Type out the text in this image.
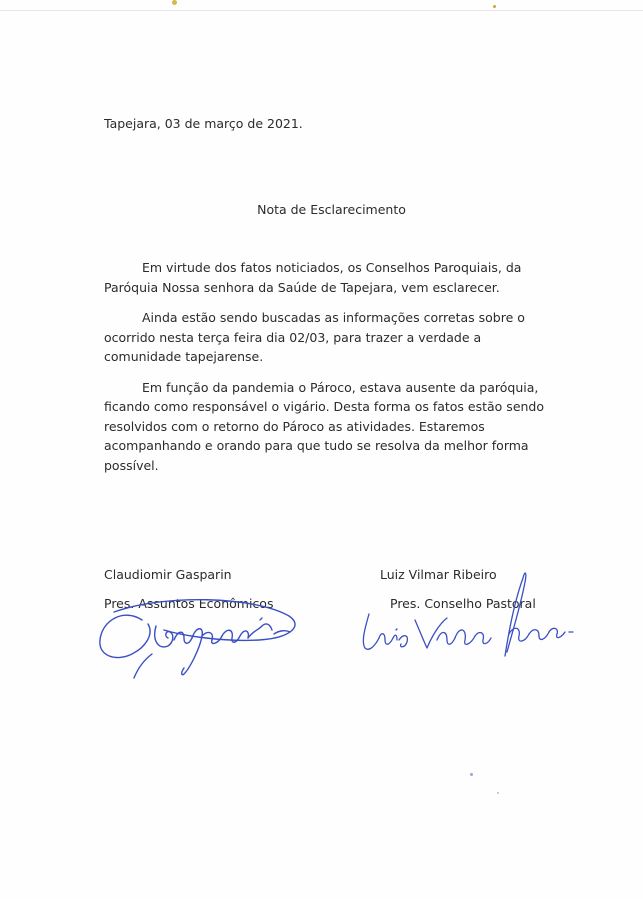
Tapejara, 03 de março de 2021.
Nota de Esclarecimento

Em virtude dos fatos noticiados, os Conselhos Paroquiais, da Paróquia Nossa senhora da Saúde de Tapejara, vem esclarecer.

Ainda estão sendo buscadas as informações corretas sobre o ocorrido nesta terça feira dia 02/03, para trazer a verdade a comunidade tapejarense.

Em função da pandemia o Pároco, estava ausente da paróquia, ficando como responsável o vigário. Desta forma os fatos estão sendo resolvidos com o retorno do Pároco as atividades. Estaremos acompanhando e orando para que tudo se resolva da melhor forma possível.

Claudiomir Gasparin
Pres. Assuntos Econômicos
Luiz Vilmar Ribeiro
Pres. Conselho Pastoral
